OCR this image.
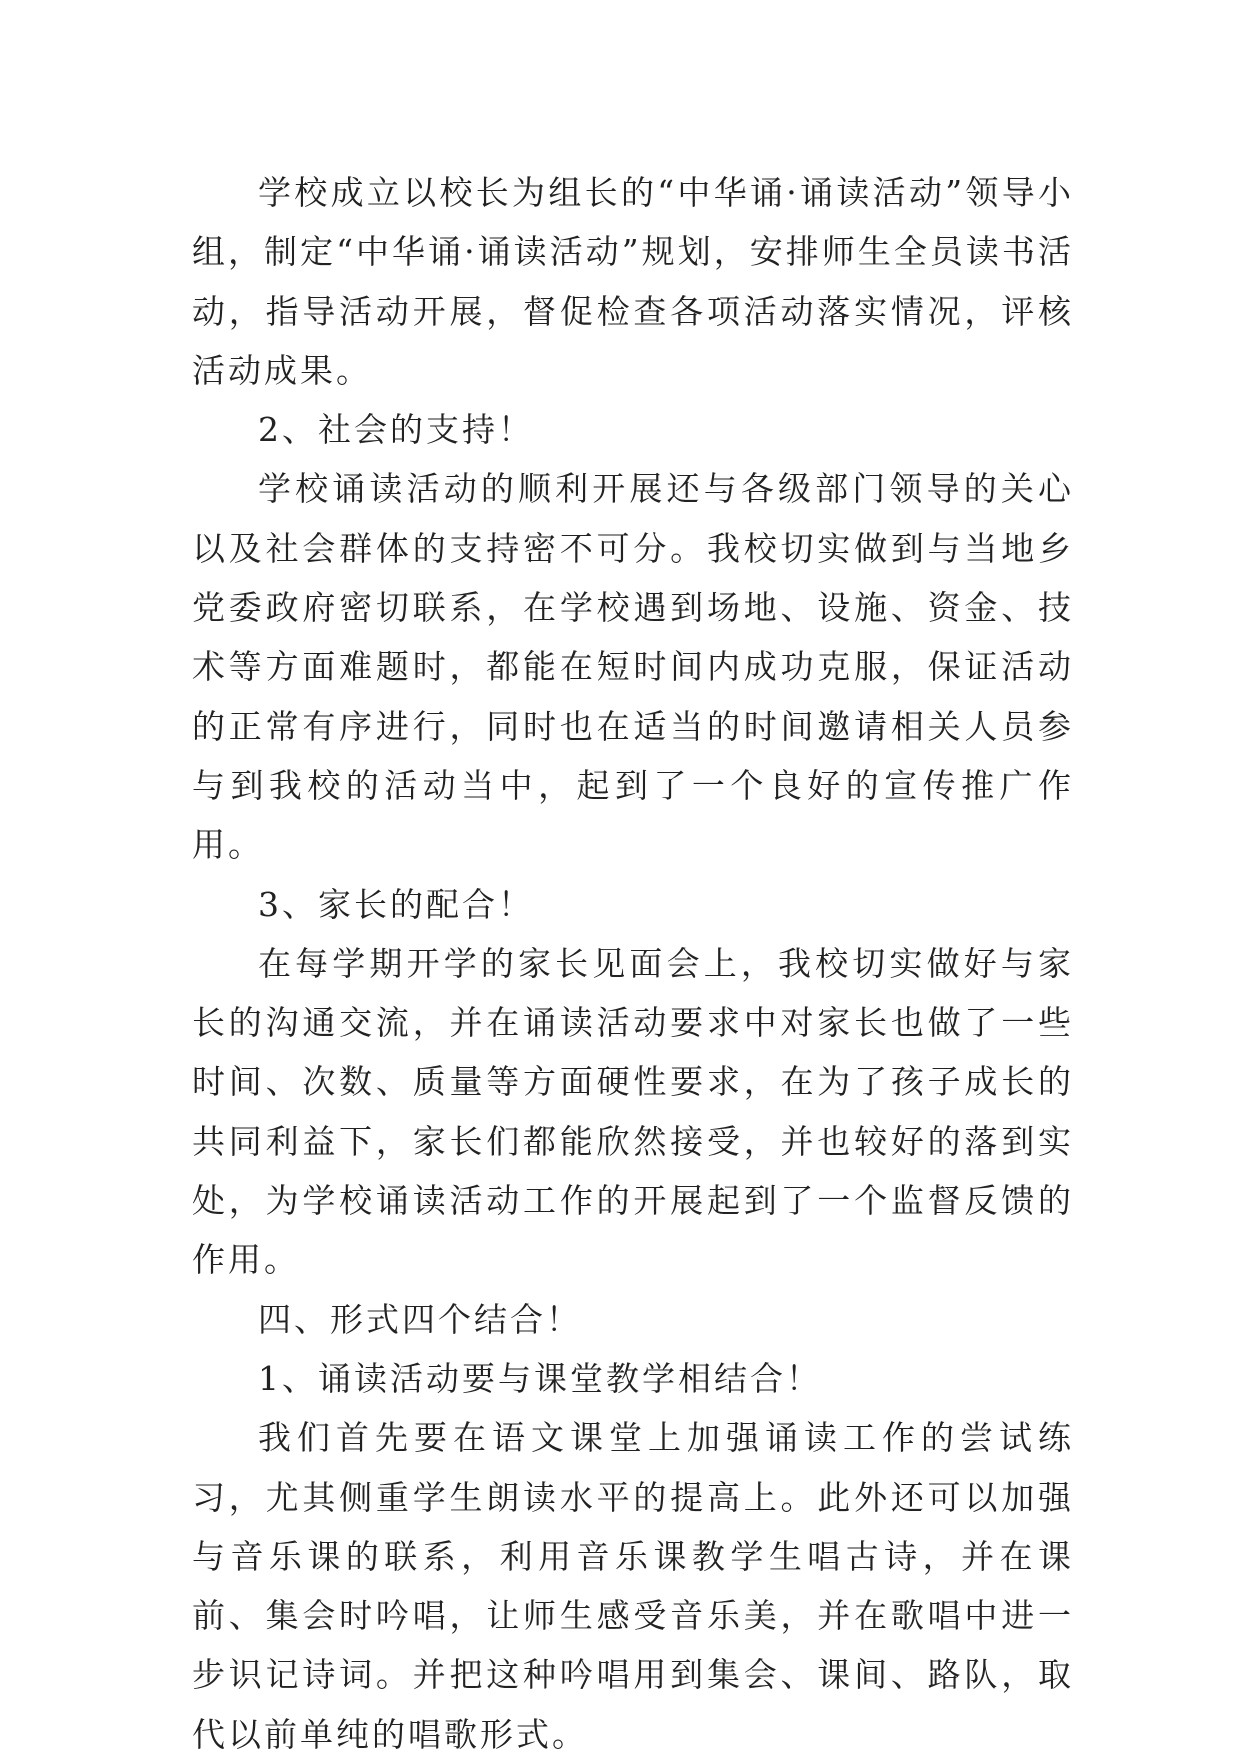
学校成立以校长为组长的“中华诵·诵读活动”领导小组，制定“中华诵·诵读活动”规划，安排师生全员读书活动，指导活动开展，督促检查各项活动落实情况，评核活动成果。

2、社会的支持！

学校诵读活动的顺利开展还与各级部门领导的关心以及社会群体的支持密不可分。我校切实做到与当地乡党委政府密切联系，在学校遇到场地、设施、资金、技术等方面难题时，都能在短时间内成功克服，保证活动的正常有序进行，同时也在适当的时间邀请相关人员参与到我校的活动当中，起到了一个良好的宣传推广作用。

3、家长的配合！

在每学期开学的家长见面会上，我校切实做好与家长的沟通交流，并在诵读活动要求中对家长也做了一些时间、次数、质量等方面硬性要求，在为了孩子成长的共同利益下，家长们都能欣然接受，并也较好的落到实处，为学校诵读活动工作的开展起到了一个监督反馈的作用。

四、形式四个结合！

1、诵读活动要与课堂教学相结合！

我们首先要在语文课堂上加强诵读工作的尝试练习，尤其侧重学生朗读水平的提高上。此外还可以加强与音乐课的联系，利用音乐课教学生唱古诗，并在课前、集会时吟唱，让师生感受音乐美，并在歌唱中进一步识记诗词。并把这种吟唱用到集会、课间、路队，取代以前单纯的唱歌形式。
